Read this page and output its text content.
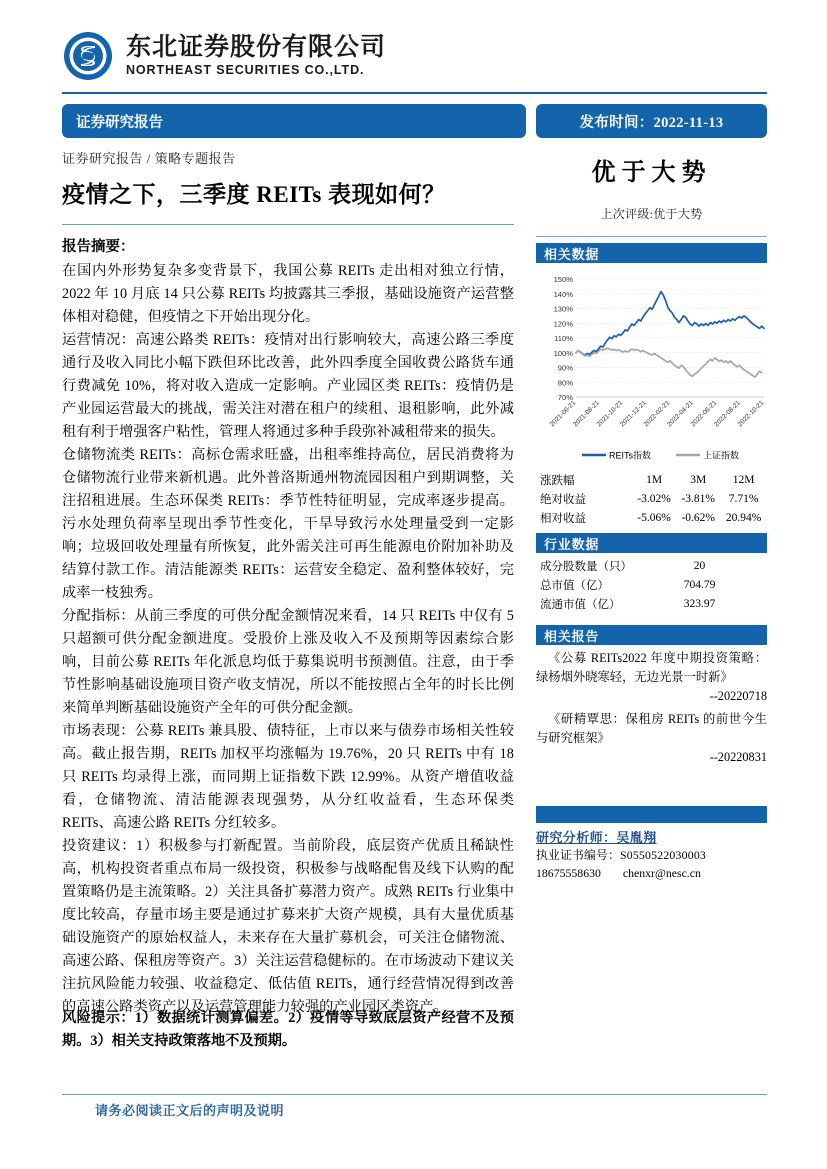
东北证券股份有限公司
NORTHEAST SECURITIES CO.,LTD.
证券研究报告	发布时间：2022-11-13
证券研究报告 / 策略专题报告
疫情之下，三季度 REITs 表现如何？
报告摘要：

在国内外形势复杂多变背景下，我国公募 REITs 走出相对独立行情，2022 年 10 月底 14 只公募 REITs 均披露其三季报，基础设施资产运营整体相对稳健，但疫情之下开始出现分化。

运营情况：高速公路类 REITs：疫情对出行影响较大，高速公路三季度通行及收入同比小幅下跌但环比改善，此外四季度全国收费公路货车通行费减免 10%，将对收入造成一定影响。产业园区类 REITs：疫情仍是产业园运营最大的挑战，需关注对潜在租户的续租、退租影响，此外减租有利于增强客户粘性，管理人将通过多种手段弥补减租带来的损失。

仓储物流类 REITs：高标仓需求旺盛，出租率维持高位，居民消费将为仓储物流行业带来新机遇。此外普洛斯通州物流园因租户到期调整，关注招租进展。生态环保类 REITs：季节性特征明显，完成率逐步提高。污水处理负荷率呈现出季节性变化，干旱导致污水处理量受到一定影响；垃圾回收处理量有所恢复，此外需关注可再生能源电价附加补助及结算付款工作。清洁能源类 REITs：运营安全稳定、盈利整体较好，完成率一枝独秀。

分配指标：从前三季度的可供分配金额情况来看，14 只 REITs 中仅有 5 只超额可供分配金额进度。受股价上涨及收入不及预期等因素综合影响，目前公募 REITs 年化派息均低于募集说明书预测值。注意，由于季节性影响基础设施项目资产收支情况，所以不能按照占全年的时长比例来简单判断基础设施资产全年的可供分配金额。

市场表现：公募 REITs 兼具股、债特征，上市以来与债券市场相关性较高。截止报告期，REITs 加权平均涨幅为 19.76%，20 只 REITs 中有 18 只 REITs 均录得上涨，而同期上证指数下跌 12.99%。从资产增值收益看，仓储物流、清洁能源表现强势，从分红收益看，生态环保类 REITs、高速公路 REITs 分红较多。

投资建议：1）积极参与打新配置。当前阶段，底层资产优质且稀缺性高，机构投资者重点布局一级投资，积极参与战略配售及线下认购的配置策略仍是主流策略。2）关注具备扩募潜力资产。成熟 REITs 行业集中度比较高，存量市场主要是通过扩募来扩大资产规模，具有大量优质基础设施资产的原始权益人，未来存在大量扩募机会，可关注仓储物流、高速公路、保租房等资产。3）关注运营稳健标的。在市场波动下建议关注抗风险能力较强、收益稳定、低估值 REITs，通行经营情况得到改善的高速公路类资产以及运营管理能力较强的产业园区类资产。

风险提示：1）数据统计测算偏差。2）疫情等导致底层资产经营不及预期。3）相关支持政策落地不及预期。
请务必阅读正文后的声明及说明
优于大势
上次评级:优于大势
相关数据
70%
80%
90%
100%
110%
120%
130%
140%
150%
2021-06-21
2021-08-21
2021-10-21
2021-12-21
2022-02-21
2022-04-21
2022-06-21
2022-08-21
2022-10-21
REITs指数	上证指数
涨跌幅	1M	3M	12M
绝对收益	-3.02%	-3.81%	7.71%
相对收益	-5.06%	-0.62%	20.94%
行业数据
成分股数量（只）	20
总市值（亿）	704.79
流通市值（亿）	323.97
相关报告
《公募 REITs2022 年度中期投资策略：绿杨烟外晓寒轻，无边光景一时新》
--20220718
《研精覃思：保租房 REITs 的前世今生与研究框架》
--20220831
研究分析师：吴胤翔
执业证书编号：S0550522030003
18675558630 chenxr@nesc.cn
